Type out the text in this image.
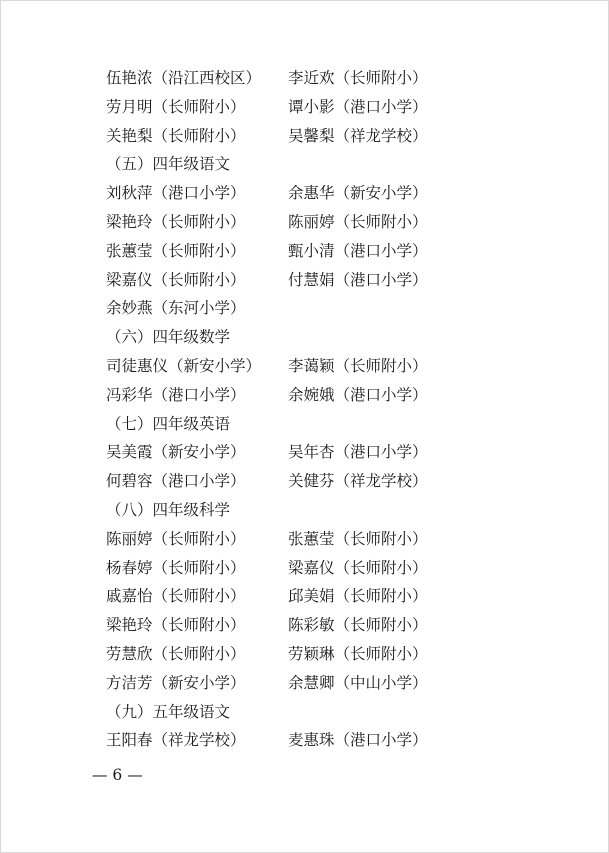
伍艳浓（沿江西校区） 李近欢（长师附小）
劳月明（长师附小）	谭小影（港口小学）
关艳梨（长师附小）	吴馨梨（祥龙学校）
（五）四年级语文
刘秋萍（港口小学）	余惠华（新安小学）
梁艳玲（长师附小）	陈丽婷（长师附小）
张蕙莹（长师附小）	甄小清（港口小学）
梁嘉仪（长师附小）	付慧娟（港口小学）
余妙燕（东河小学）
（六）四年级数学
司徒惠仪（新安小学） 李蔼颖（长师附小）
冯彩华（港口小学）	余婉娥（港口小学）
（七）四年级英语
吴美霞（新安小学）	吴年杏（港口小学）
何碧容（港口小学）	关健芬（祥龙学校）
（八）四年级科学
陈丽婷（长师附小）	张蕙莹（长师附小）
杨春婷（长师附小）	梁嘉仪（长师附小）
戚嘉怡（长师附小）	邱美娟（长师附小）
梁艳玲（长师附小）	陈彩敏（长师附小）
劳慧欣（长师附小）	劳颖琳（长师附小）
方洁芳（新安小学）	余慧卿（中山小学）
（九）五年级语文
王阳春（祥龙学校）	麦惠珠（港口小学）
— 6 —
